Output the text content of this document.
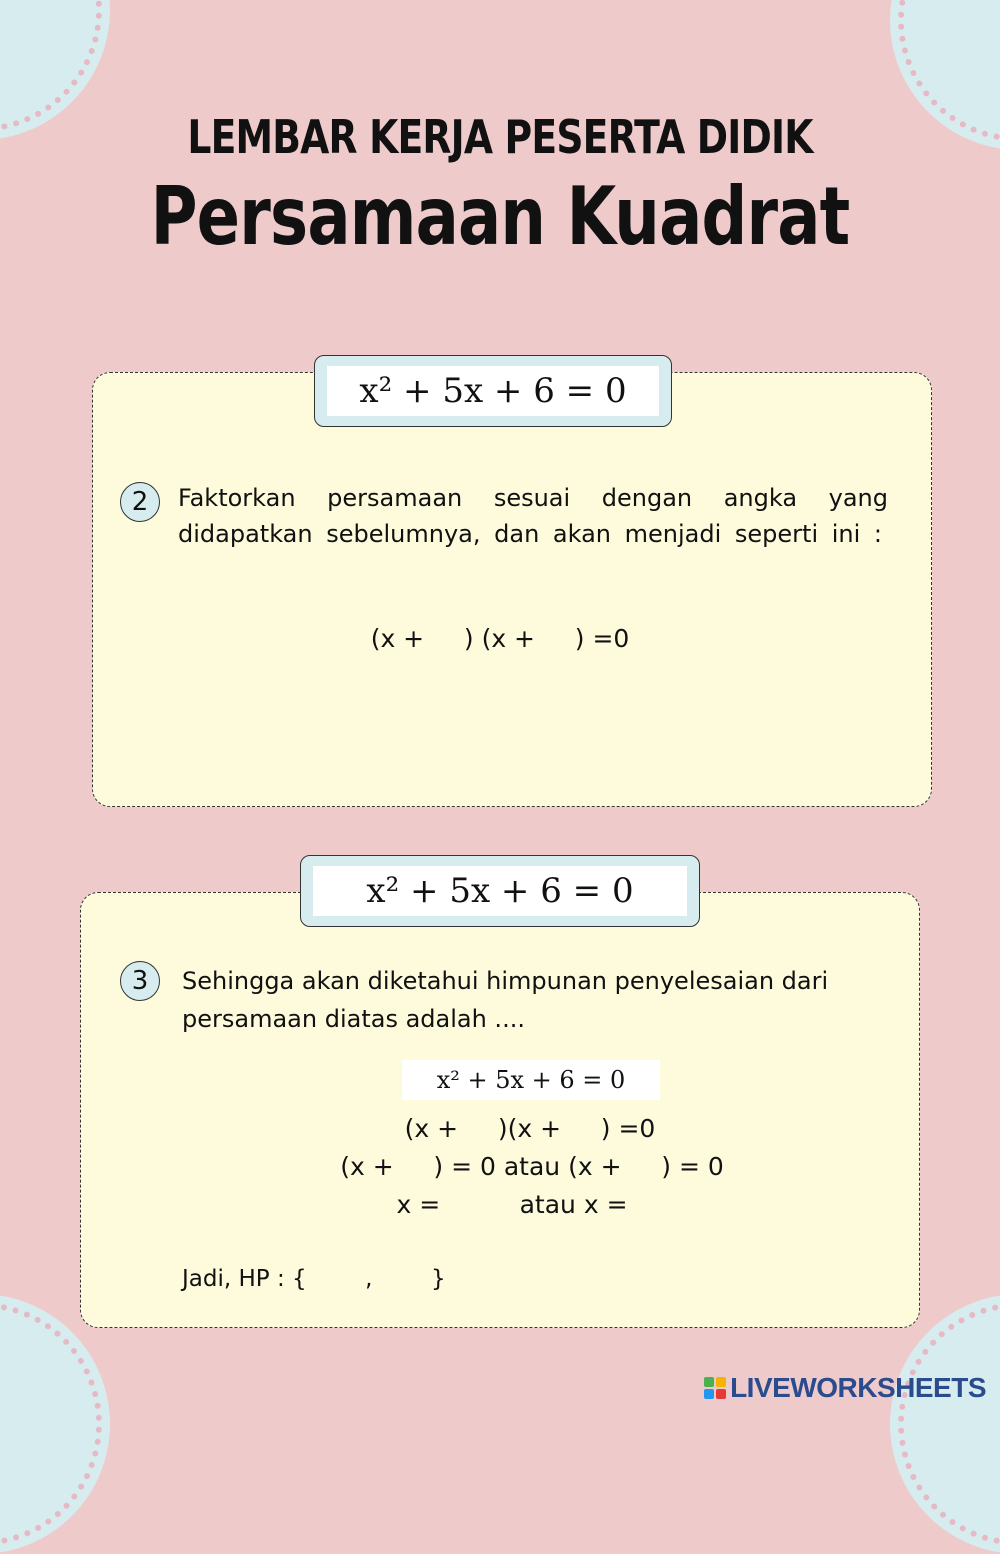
LEMBAR KERJA PESERTA DIDIK
Persamaan Kuadrat
x² + 5x + 6 = 0
2	Faktorkan persamaan sesuai dengan angka yang didapatkan sebelumnya, dan akan menjadi seperti ini :

(x +     ) (x +     ) =0
x² + 5x + 6 = 0
3	Sehingga akan diketahui himpunan penyelesaian dari persamaan diatas adalah ....

x² + 5x + 6 = 0
(x +     )(x +     ) =0
(x +     ) = 0 atau (x +     ) = 0
x =          atau x =
Jadi, HP : {        ,        }
LIVEWORKSHEETS
